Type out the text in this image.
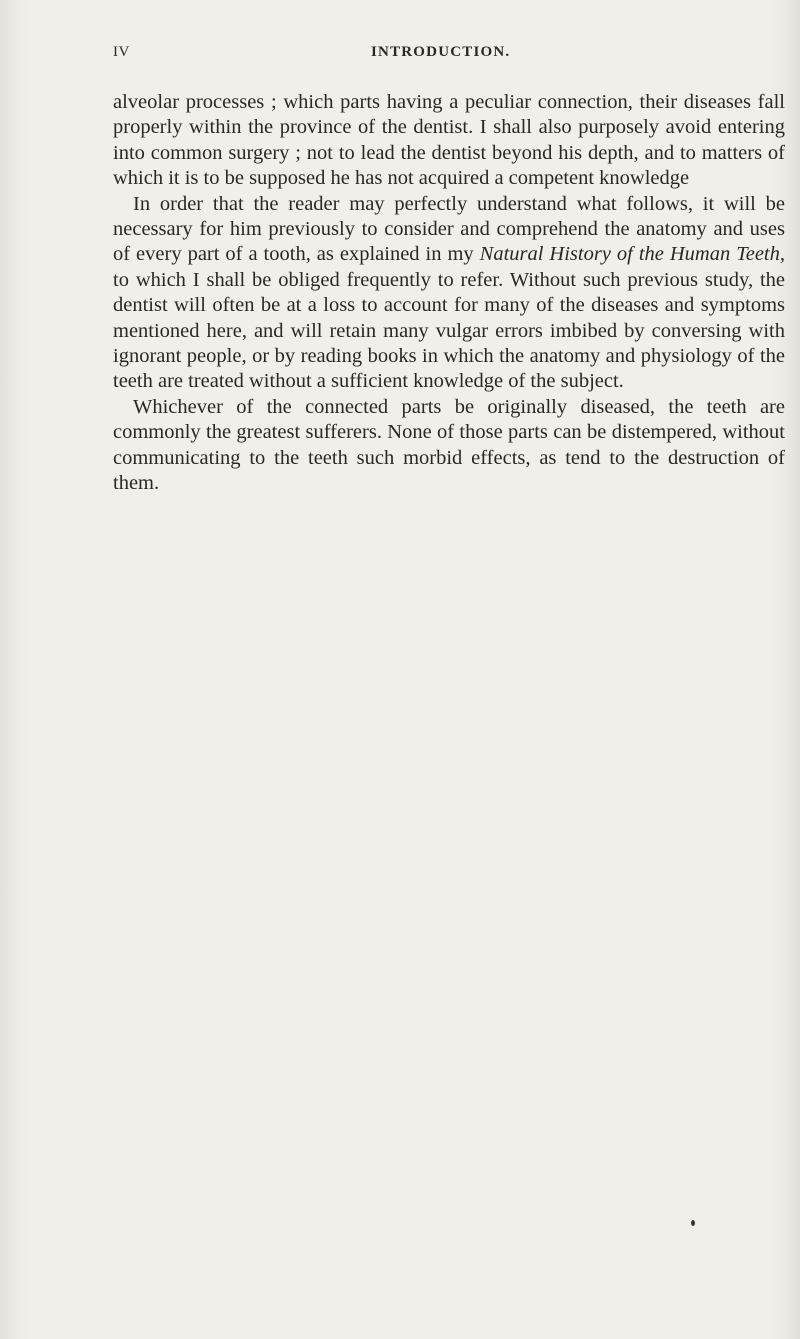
IV	INTRODUCTION.

alveolar processes ; which parts having a peculiar connection, their diseases fall properly within the province of the dentist. I shall also purposely avoid entering into common surgery ; not to lead the dentist beyond his depth, and to matters of which it is to be supposed he has not acquired a competent knowledge

In order that the reader may perfectly understand what follows, it will be necessary for him previously to consider and comprehend the anatomy and uses of every part of a tooth, as explained in my Natural History of the Human Teeth, to which I shall be obliged frequently to refer. Without such previous study, the dentist will often be at a loss to account for many of the diseases and symptoms mentioned here, and will retain many vulgar errors imbibed by conversing with ignorant people, or by reading books in which the anatomy and physiology of the teeth are treated without a sufficient knowledge of the subject.

Whichever of the connected parts be originally diseased, the teeth are commonly the greatest sufferers. None of those parts can be distempered, without communicating to the teeth such morbid effects, as tend to the destruction of them.
